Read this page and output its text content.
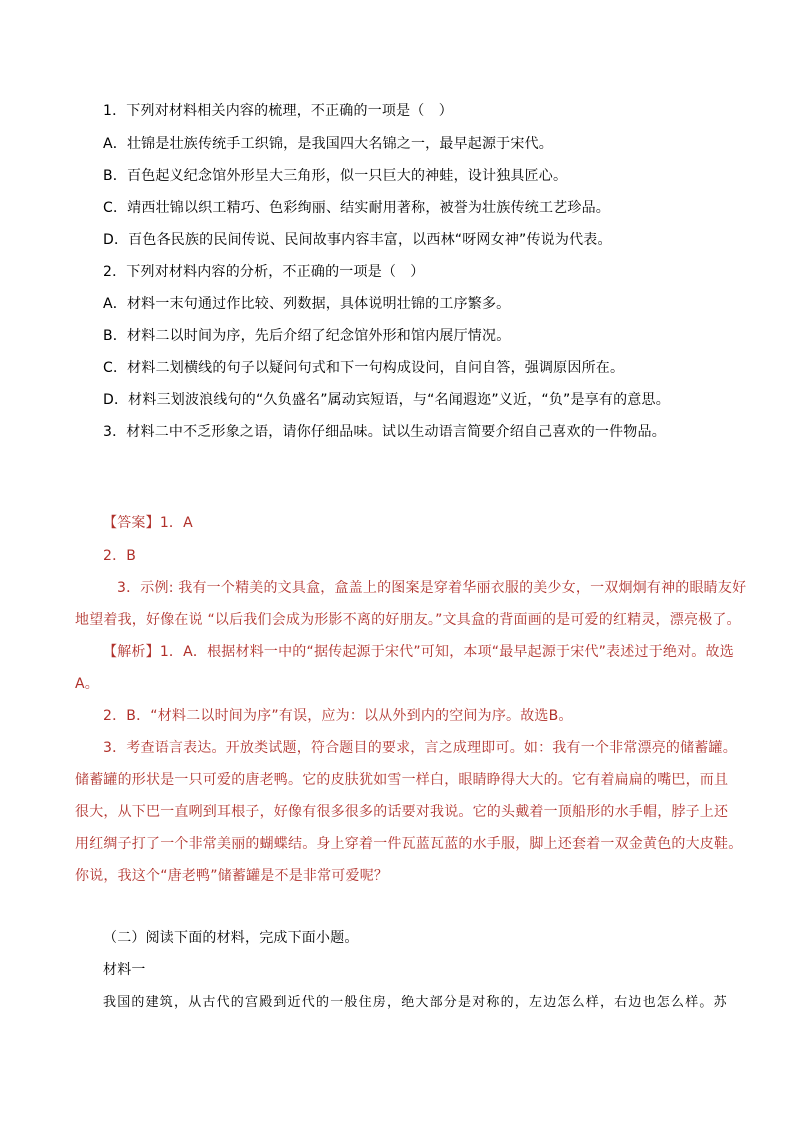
1．下列对材料相关内容的梳理，不正确的一项是（　）
A．壮锦是壮族传统手工织锦，是我国四大名锦之一，最早起源于宋代。
B．百色起义纪念馆外形呈大三角形，似一只巨大的神蛙，设计独具匠心。
C．靖西壮锦以织工精巧、色彩绚丽、结实耐用著称，被誉为壮族传统工艺珍品。
D．百色各民族的民间传说、民间故事内容丰富，以西林“呀网女神”传说为代表。
2．下列对材料内容的分析，不正确的一项是（　）
A．材料一末句通过作比较、列数据，具体说明壮锦的工序繁多。
B．材料二以时间为序，先后介绍了纪念馆外形和馆内展厅情况。
C．材料二划横线的句子以疑问句式和下一句构成设问，自问自答，强调原因所在。
D．材料三划波浪线句的“久负盛名”属动宾短语，与“名闻遐迩”义近，“负”是享有的意思。
3．材料二中不乏形象之语，请你仔细品味。试以生动语言简要介绍自己喜欢的一件物品。
【答案】1．A
2．B
3．示例: 我有一个精美的文具盒，盒盖上的图案是穿着华丽衣服的美少女，一双炯炯有神的眼睛友好
地望着我，好像在说 “以后我们会成为形影不离的好朋友。”文具盒的背面画的是可爱的红精灵，漂亮极了。
【解析】1．A．根据材料一中的“据传起源于宋代”可知，本项“最早起源于宋代”表述过于绝对。故选
A。
2．B．“材料二以时间为序”有误，应为：以从外到内的空间为序。故选B。
3．考查语言表达。开放类试题，符合题目的要求，言之成理即可。如：我有一个非常漂亮的储蓄罐。
储蓄罐的形状是一只可爱的唐老鸭。它的皮肤犹如雪一样白，眼睛睁得大大的。它有着扁扁的嘴巴，而且
很大，从下巴一直咧到耳根子，好像有很多很多的话要对我说。它的头戴着一顶船形的水手帽，脖子上还
用红绸子打了一个非常美丽的蝴蝶结。身上穿着一件瓦蓝瓦蓝的水手服，脚上还套着一双金黄色的大皮鞋。
你说，我这个“唐老鸭”储蓄罐是不是非常可爱呢？
（二）阅读下面的材料，完成下面小题。
材料一
我国的建筑，从古代的宫殿到近代的一般住房，绝大部分是对称的，左边怎么样，右边也怎么样。苏
